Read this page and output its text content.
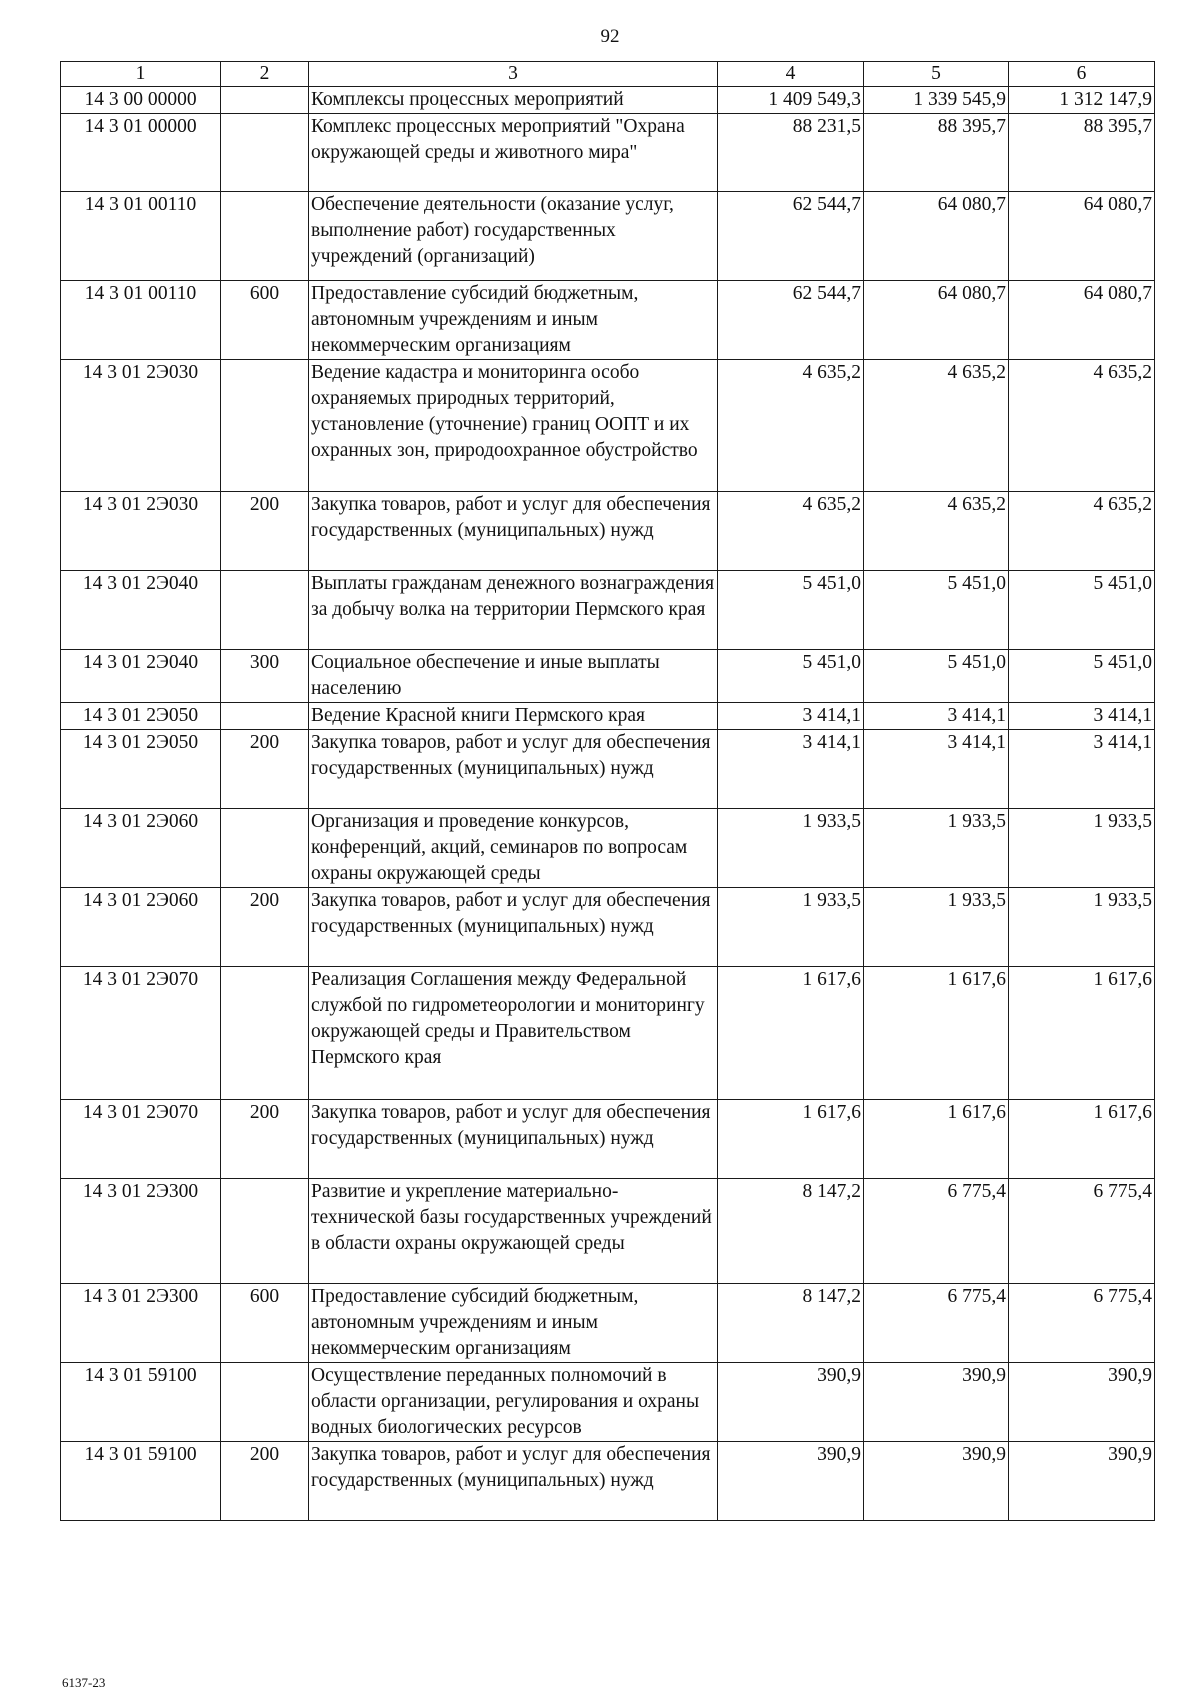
92
1	2	3	4	5	6
14 3 00 00000		Комплексы процессных мероприятий	1 409 549,3	1 339 545,9	1 312 147,9
14 3 01 00000		Комплекс процессных мероприятий "Охрана окружающей среды и животного мира"	88 231,5	88 395,7	88 395,7
14 3 01 00110		Обеспечение деятельности (оказание услуг, выполнение работ) государственных учреждений (организаций)	62 544,7	64 080,7	64 080,7
14 3 01 00110	600	Предоставление субсидий бюджетным, автономным учреждениям и иным некоммерческим организациям	62 544,7	64 080,7	64 080,7
14 3 01 2Э030		Ведение кадастра и мониторинга особо охраняемых природных территорий, установление (уточнение) границ ООПТ и их охранных зон, природоохранное обустройство	4 635,2	4 635,2	4 635,2
14 3 01 2Э030	200	Закупка товаров, работ и услуг для обеспечения государственных (муниципальных) нужд	4 635,2	4 635,2	4 635,2
14 3 01 2Э040		Выплаты гражданам денежного вознаграждения за добычу волка на территории Пермского края	5 451,0	5 451,0	5 451,0
14 3 01 2Э040	300	Социальное обеспечение и иные выплаты населению	5 451,0	5 451,0	5 451,0
14 3 01 2Э050		Ведение Красной книги Пермского края	3 414,1	3 414,1	3 414,1
14 3 01 2Э050	200	Закупка товаров, работ и услуг для обеспечения государственных (муниципальных) нужд	3 414,1	3 414,1	3 414,1
14 3 01 2Э060		Организация и проведение конкурсов, конференций, акций, семинаров по вопросам охраны окружающей среды	1 933,5	1 933,5	1 933,5
14 3 01 2Э060	200	Закупка товаров, работ и услуг для обеспечения государственных (муниципальных) нужд	1 933,5	1 933,5	1 933,5
14 3 01 2Э070		Реализация Соглашения между Федеральной службой по гидрометеорологии и мониторингу окружающей среды и Правительством Пермского края	1 617,6	1 617,6	1 617,6
14 3 01 2Э070	200	Закупка товаров, работ и услуг для обеспечения государственных (муниципальных) нужд	1 617,6	1 617,6	1 617,6
14 3 01 2Э300		Развитие и укрепление материально-технической базы государственных учреждений в области охраны окружающей среды	8 147,2	6 775,4	6 775,4
14 3 01 2Э300	600	Предоставление субсидий бюджетным, автономным учреждениям и иным некоммерческим организациям	8 147,2	6 775,4	6 775,4
14 3 01 59100		Осуществление переданных полномочий в области организации, регулирования и охраны водных биологических ресурсов	390,9	390,9	390,9
14 3 01 59100	200	Закупка товаров, работ и услуг для обеспечения государственных (муниципальных) нужд	390,9	390,9	390,9
6137-23
